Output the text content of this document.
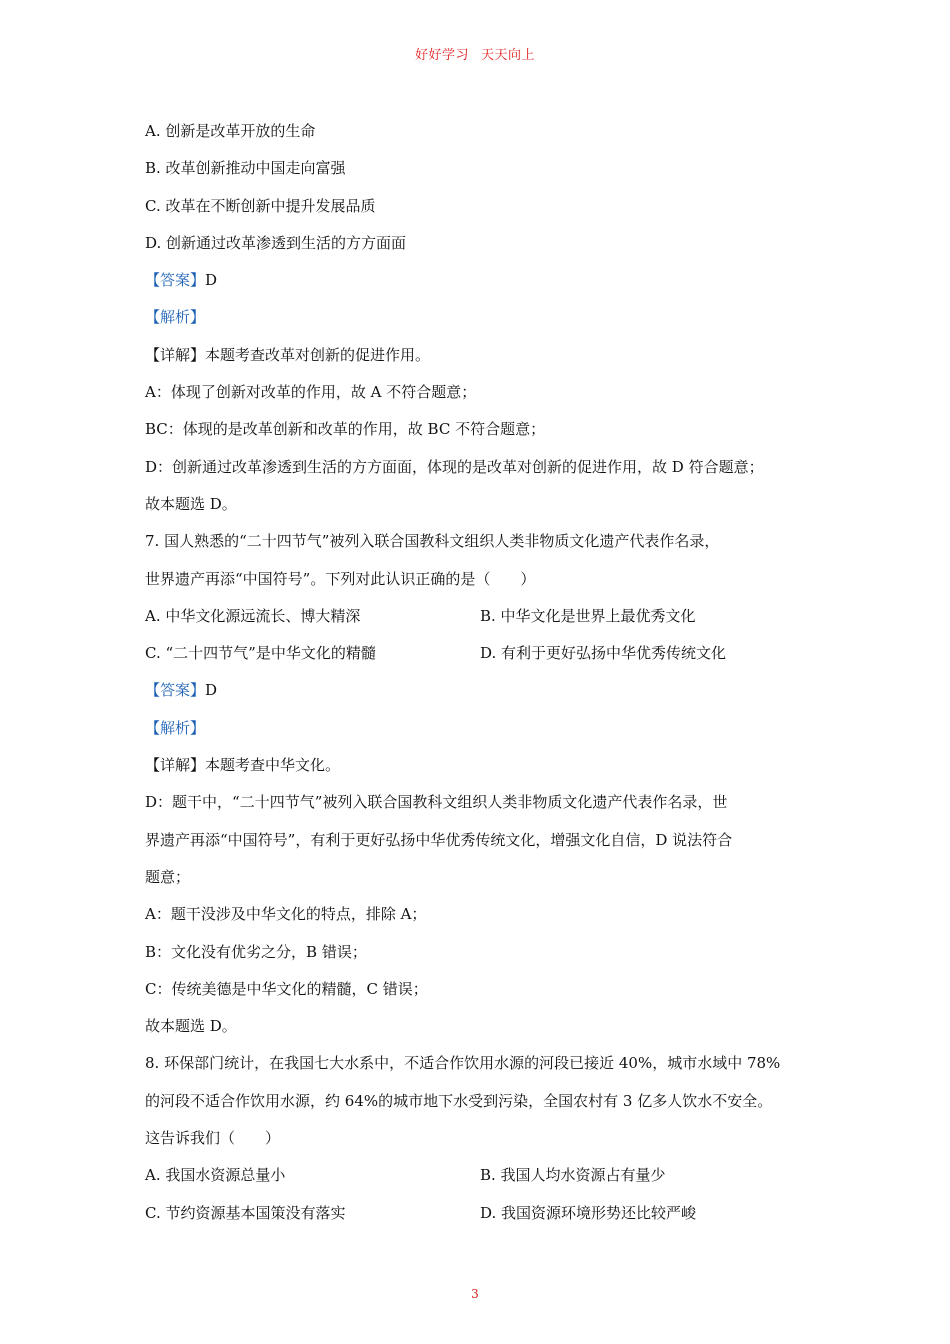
好好学习 天天向上
A. 创新是改革开放的生命
B. 改革创新推动中国走向富强
C. 改革在不断创新中提升发展品质
D. 创新通过改革渗透到生活的方方面面
【答案】D
【解析】
【详解】本题考查改革对创新的促进作用。
A：体现了创新对改革的作用，故 A 不符合题意；
BC：体现的是改革创新和改革的作用，故 BC 不符合题意；
D：创新通过改革渗透到生活的方方面面，体现的是改革对创新的促进作用，故 D 符合题意；
故本题选 D。
7. 国人熟悉的“二十四节气”被列入联合国教科文组织人类非物质文化遗产代表作名录，
世界遗产再添“中国符号”。下列对此认识正确的是（　　）
A. 中华文化源远流长、博大精深	B. 中华文化是世界上最优秀文化
C. “二十四节气”是中华文化的精髓	D. 有利于更好弘扬中华优秀传统文化
【答案】D
【解析】
【详解】本题考查中华文化。
D：题干中，“二十四节气”被列入联合国教科文组织人类非物质文化遗产代表作名录，世
界遗产再添“中国符号”，有利于更好弘扬中华优秀传统文化，增强文化自信，D 说法符合
题意；
A：题干没涉及中华文化的特点，排除 A；
B：文化没有优劣之分，B 错误；
C：传统美德是中华文化的精髓，C 错误；
故本题选 D。
8. 环保部门统计，在我国七大水系中，不适合作饮用水源的河段已接近 40%，城市水域中 78%
的河段不适合作饮用水源，约 64%的城市地下水受到污染，全国农村有 3 亿多人饮水不安全。
这告诉我们（　　）
A. 我国水资源总量小	B. 我国人均水资源占有量少
C. 节约资源基本国策没有落实	D. 我国资源环境形势还比较严峻
3
